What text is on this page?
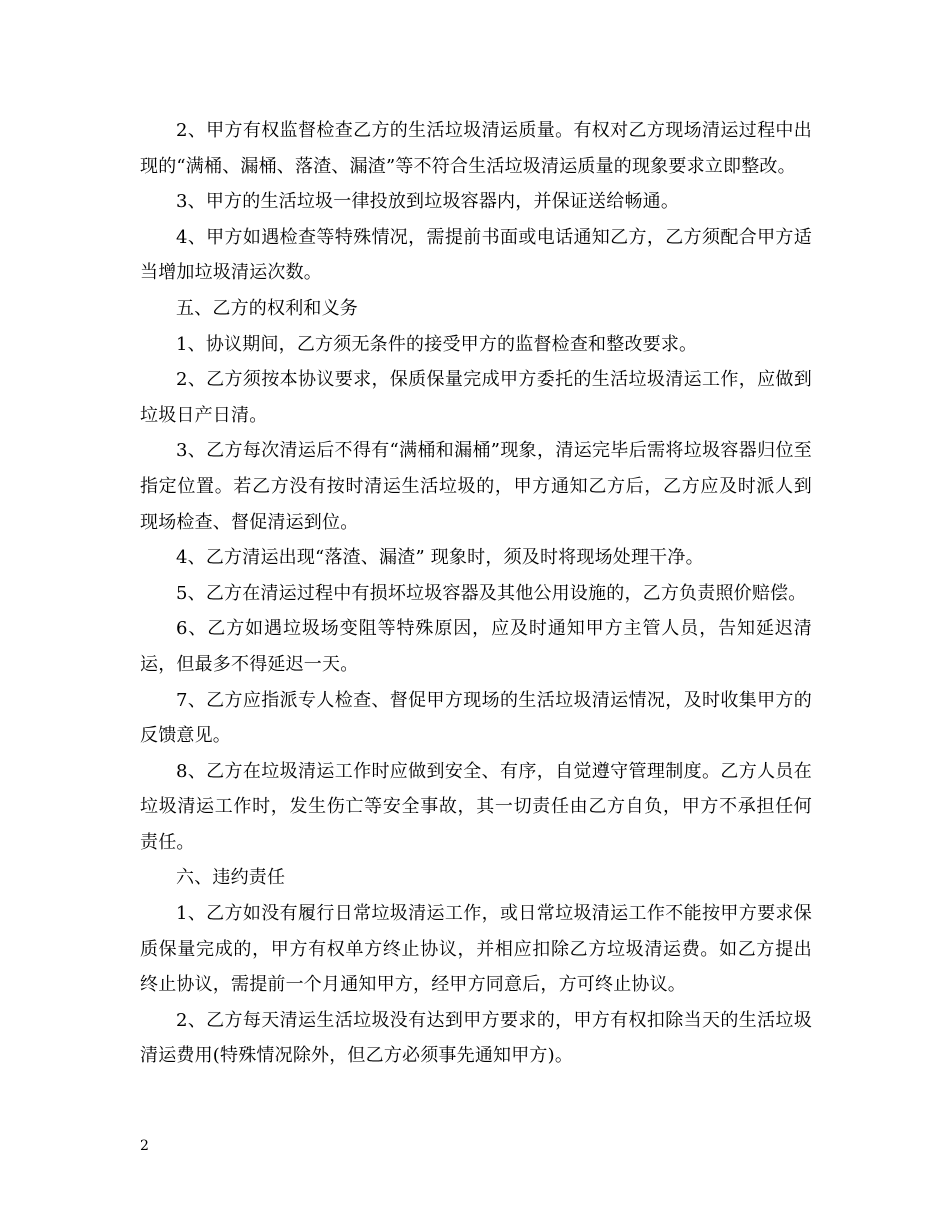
2、甲方有权监督检查乙方的生活垃圾清运质量。有权对乙方现场清运过程中出现的“满桶、漏桶、落渣、漏渣”等不符合生活垃圾清运质量的现象要求立即整改。

3、甲方的生活垃圾一律投放到垃圾容器内，并保证送给畅通。

4、甲方如遇检查等特殊情况，需提前书面或电话通知乙方，乙方须配合甲方适当增加垃圾清运次数。

五、乙方的权利和义务

1、协议期间，乙方须无条件的接受甲方的监督检查和整改要求。

2、乙方须按本协议要求，保质保量完成甲方委托的生活垃圾清运工作，应做到垃圾日产日清。

3、乙方每次清运后不得有“满桶和漏桶”现象，清运完毕后需将垃圾容器归位至指定位置。若乙方没有按时清运生活垃圾的，甲方通知乙方后，乙方应及时派人到现场检查、督促清运到位。

4、乙方清运出现“落渣、漏渣” 现象时，须及时将现场处理干净。

5、乙方在清运过程中有损坏垃圾容器及其他公用设施的，乙方负责照价赔偿。

6、乙方如遇垃圾场变阻等特殊原因，应及时通知甲方主管人员，告知延迟清运，但最多不得延迟一天。

7、乙方应指派专人检查、督促甲方现场的生活垃圾清运情况，及时收集甲方的反馈意见。

8、乙方在垃圾清运工作时应做到安全、有序，自觉遵守管理制度。乙方人员在垃圾清运工作时，发生伤亡等安全事故，其一切责任由乙方自负，甲方不承担任何责任。

六、违约责任

1、乙方如没有履行日常垃圾清运工作，或日常垃圾清运工作不能按甲方要求保质保量完成的，甲方有权单方终止协议，并相应扣除乙方垃圾清运费。如乙方提出终止协议，需提前一个月通知甲方，经甲方同意后，方可终止协议。

2、乙方每天清运生活垃圾没有达到甲方要求的，甲方有权扣除当天的生活垃圾清运费用(特殊情况除外，但乙方必须事先通知甲方)。

2
